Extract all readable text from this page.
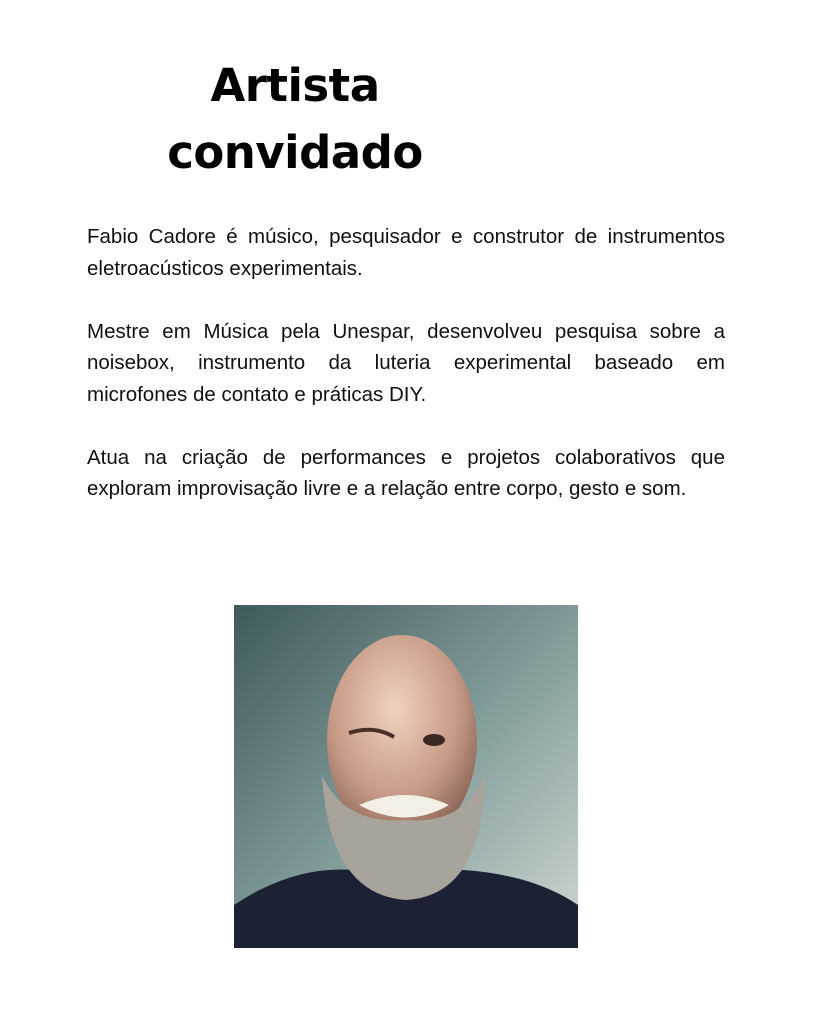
Artista
convidado

Fabio Cadore é músico, pesquisador e construtor de instrumentos eletroacústicos experimentais.

Mestre em Música pela Unespar, desenvolveu pesquisa sobre a noisebox, instrumento da luteria experimental baseado em microfones de contato e práticas DIY.

Atua na criação de performances e projetos colaborativos que exploram improvisação livre e a relação entre corpo, gesto e som.
